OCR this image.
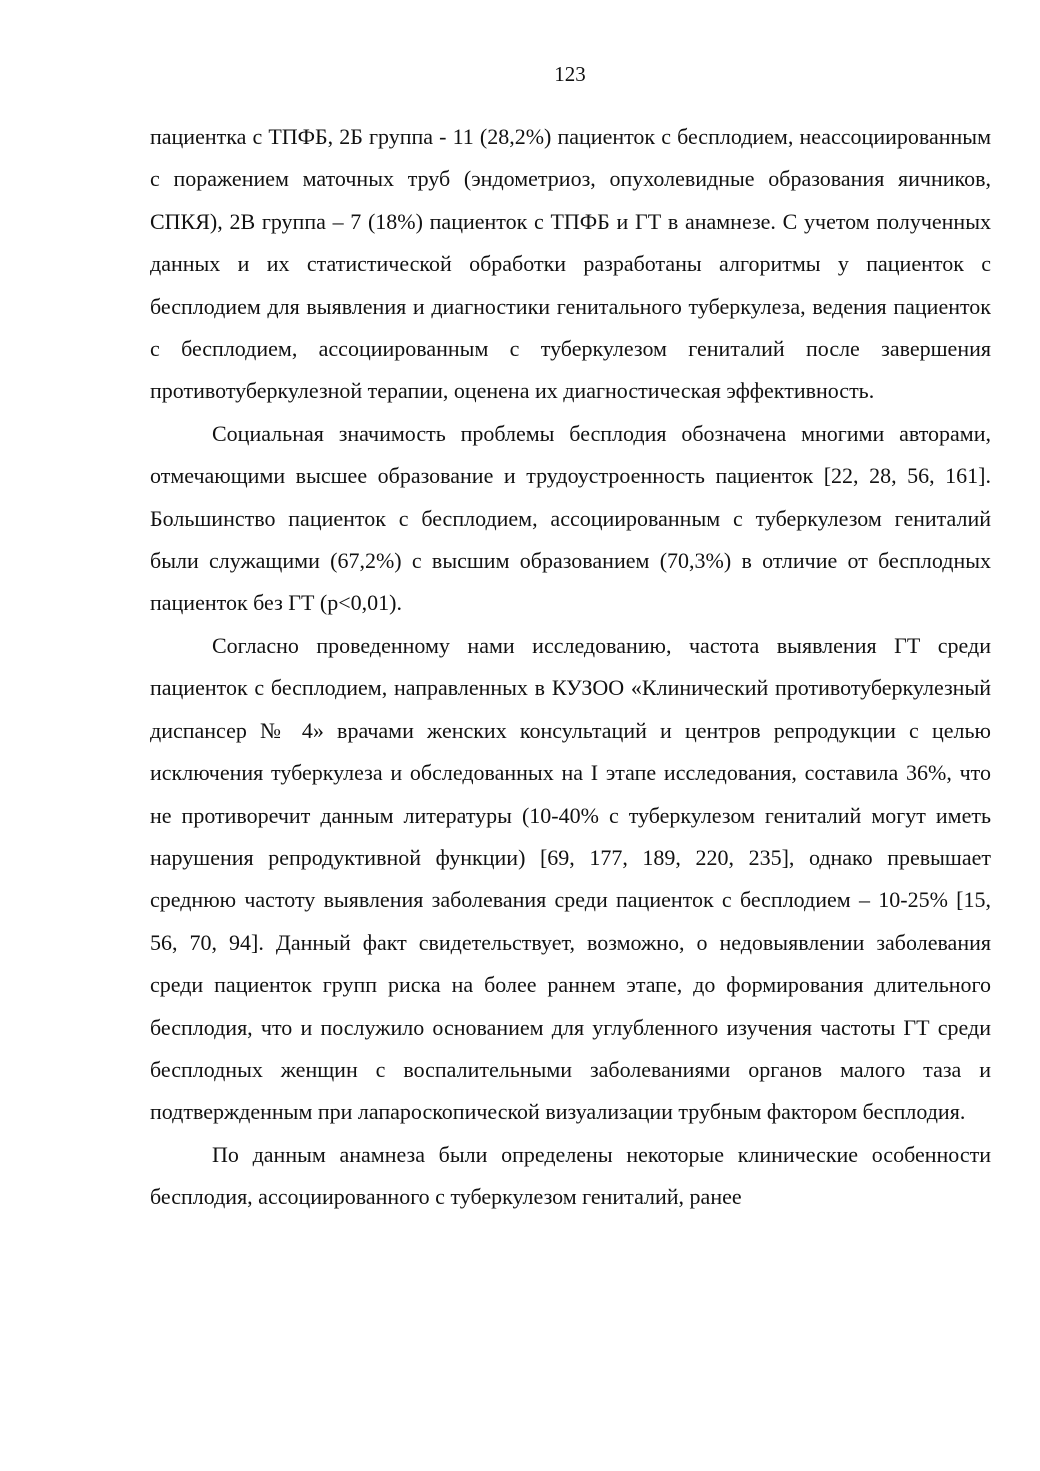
123

пациентка с ТПФБ, 2Б группа - 11 (28,2%) пациенток с бесплодием, неассоциированным с поражением маточных труб (эндометриоз, опухолевидные образования яичников, СПКЯ), 2В группа – 7 (18%) пациенток с ТПФБ и ГТ в анамнезе. С учетом полученных данных и их статистической обработки разработаны алгоритмы у пациенток с бесплодием для выявления и диагностики генитального туберкулеза, ведения пациенток с бесплодием, ассоциированным с туберкулезом гениталий после завершения противотуберкулезной терапии, оценена их диагностическая эффективность.

Социальная значимость проблемы бесплодия обозначена многими авторами, отмечающими высшее образование и трудоустроенность пациенток [22, 28, 56, 161]. Большинство пациенток с бесплодием, ассоциированным с туберкулезом гениталий были служащими (67,2%) с высшим образованием (70,3%) в отличие от бесплодных пациенток без ГТ (р<0,01).

Согласно проведенному нами исследованию, частота выявления ГТ среди пациенток с бесплодием, направленных в КУЗОО «Клинический противотуберкулезный диспансер № 4» врачами женских консультаций и центров репродукции с целью исключения туберкулеза и обследованных на I этапе исследования, составила 36%, что не противоречит данным литературы (10-40% с туберкулезом гениталий могут иметь нарушения репродуктивной функции) [69, 177, 189, 220, 235], однако превышает среднюю частоту выявления заболевания среди пациенток с бесплодием – 10-25% [15, 56, 70, 94]. Данный факт свидетельствует, возможно, о недовыявлении заболевания среди пациенток групп риска на более раннем этапе, до формирования длительного бесплодия, что и послужило основанием для углубленного изучения частоты ГТ среди бесплодных женщин с воспалительными заболеваниями органов малого таза и подтвержденным при лапароскопической визуализации трубным фактором бесплодия.

По данным анамнеза были определены некоторые клинические особенности бесплодия, ассоциированного с туберкулезом гениталий, ранее
